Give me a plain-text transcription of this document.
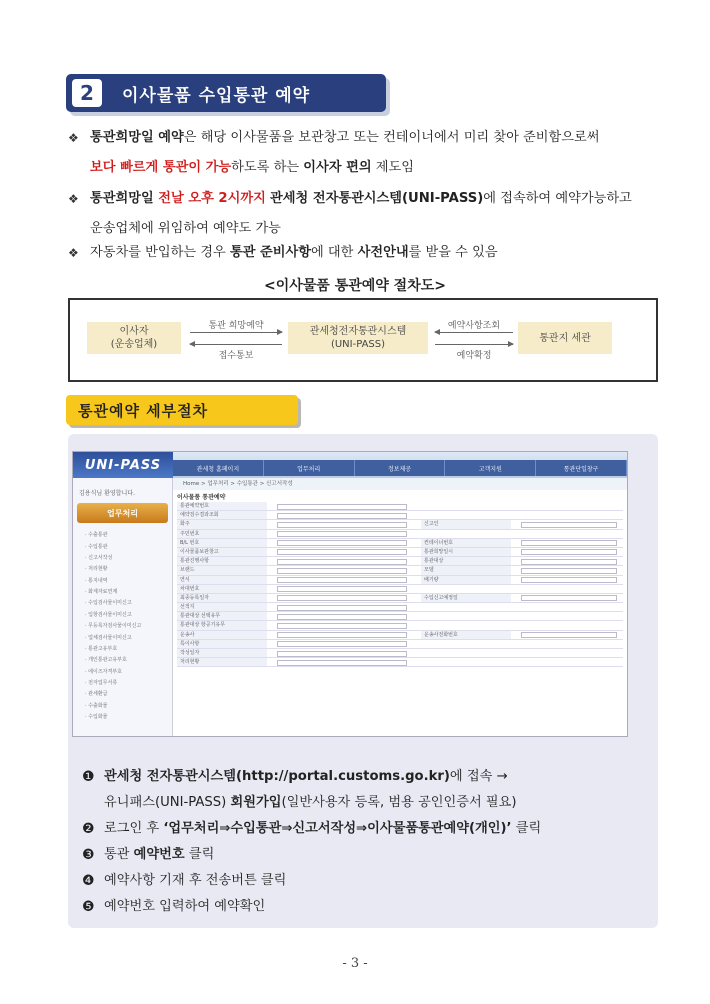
2	이사물품 수입통관 예약
❖ 통관희망일 예약은 해당 이사물품을 보관창고 또는 컨테이너에서 미리 찾아 준비함으로써
보다 빠르게 통관이 가능하도록 하는 이사자 편의 제도임
❖ 통관희망일 전날 오후 2시까지 관세청 전자통관시스템(UNI-PASS)에 접속하여 예약가능하고
운송업체에 위임하여 예약도 가능
❖ 자동차를 반입하는 경우 통관 준비사항에 대한 사전안내를 받을 수 있음
<이사물품 통관예약 절차도>
이사자
(운송업체)
관세청전자통관시스템
(UNI-PASS)
통관지 세관
통관 희망예약
접수통보
예약사항조회
예약확정
통관예약 세부절차
UNI-PASS	관세청 홈페이지	업무처리	정보제공	고객지원	통관단일창구
Home > 업무처리 > 수입통관 > 신고서작성
김용식님 환영합니다.
업무처리
· 수출통관
· 수입통관
· 신고서작성
· 처리현황
· 통지내역
· 화계자료연계
· 수입검사물이미신고
· 입항검사물이미신고
· 무등록자검사물이미신고
· 업체검사물이미신고
· 통관고유부호
· 개인통관고유부호
· 에이즈자격부호
· 전자업무서류
· 관세환급
· 수출화물
· 수입화물
이사물품 통관예약
통관예약번호
예약검수결과조회
화주	신고인
주민번호
B/L 번호	컨테이너번호
이사물품보관창고	통관희망일시
통관진행사항	통관대상
브랜드	모델
연식	배기량
차대번호
최종등록일자	수입신고예정일
선적지
통관대상 선택유무
통관대상 항공기유무
운송사	운송사전화번호
특이사항
작성일자
처리현황
❶ 관세청 전자통관시스템(http://portal.customs.go.kr)에 접속 →
유니패스(UNI-PASS) 회원가입(일반사용자 등록, 범용 공인인증서 필요)
❷ 로그인 후 ‘업무처리⇒수입통관⇒신고서작성⇒이사물품통관예약(개인)’ 클릭
❸ 통관 예약번호 클릭
❹ 예약사항 기재 후 전송버튼 클릭
❺ 예약번호 입력하여 예약확인
- 3 -
